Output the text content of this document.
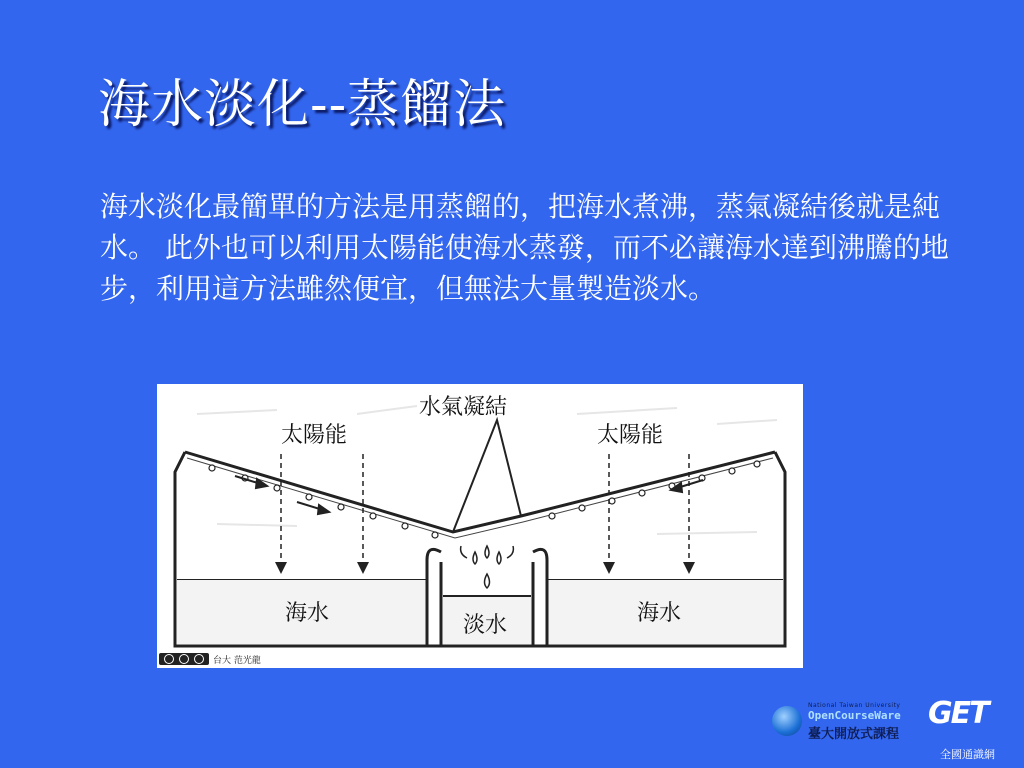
海水淡化--蒸餾法
海水淡化最簡單的方法是用蒸餾的，把海水煮沸，蒸氣凝結後就是純水。 此外也可以利用太陽能使海水蒸發，而不必讓海水達到沸騰的地步，利用這方法雖然便宜，但無法大量製造淡水。
水氣凝結
太陽能	太陽能
海水	海水
淡水
台大 范光龍
National Taiwan University
OpenCourseWare
臺大開放式課程
GET
全國通識網
